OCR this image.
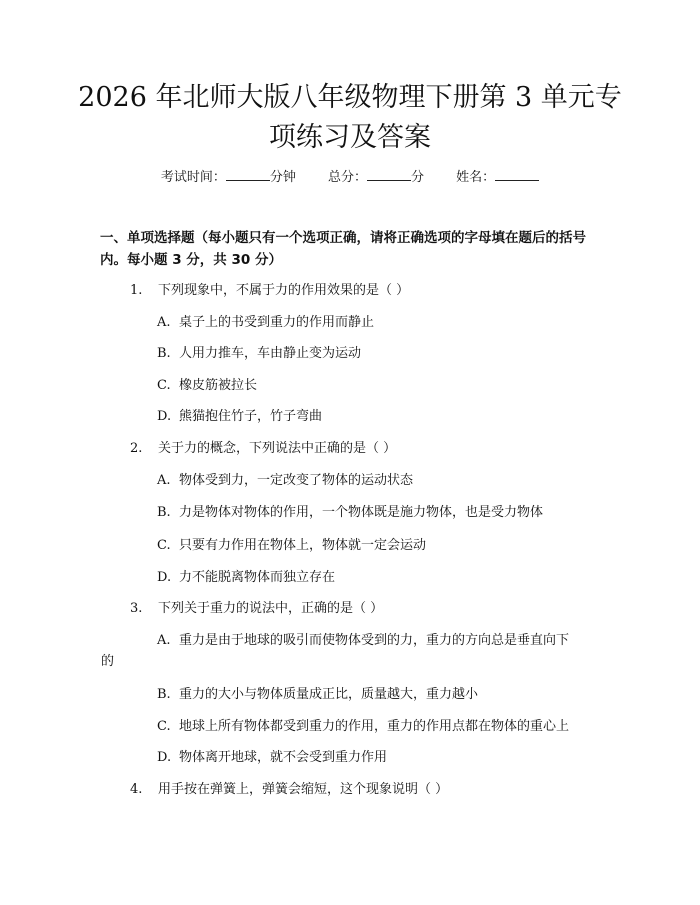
2026 年北师大版八年级物理下册第 3 单元专
项练习及答案
考试时间：	分钟 总分：	分 姓名：
一、单项选择题（每小题只有一个选项正确，请将正确选项的字母填在题后的括号内。每小题 3 分，共 30 分）
1. 下列现象中，不属于力的作用效果的是（ ）
A. 桌子上的书受到重力的作用而静止
B. 人用力推车，车由静止变为运动
C. 橡皮筋被拉长
D. 熊猫抱住竹子，竹子弯曲
2. 关于力的概念，下列说法中正确的是（ ）
A. 物体受到力，一定改变了物体的运动状态
B. 力是物体对物体的作用，一个物体既是施力物体，也是受力物体
C. 只要有力作用在物体上，物体就一定会运动
D. 力不能脱离物体而独立存在
3. 下列关于重力的说法中，正确的是（ ）
A. 重力是由于地球的吸引而使物体受到的力，重力的方向总是垂直向下
的
B. 重力的大小与物体质量成正比，质量越大，重力越小
C. 地球上所有物体都受到重力的作用，重力的作用点都在物体的重心上
D. 物体离开地球，就不会受到重力作用
4. 用手按在弹簧上，弹簧会缩短，这个现象说明（ ）
